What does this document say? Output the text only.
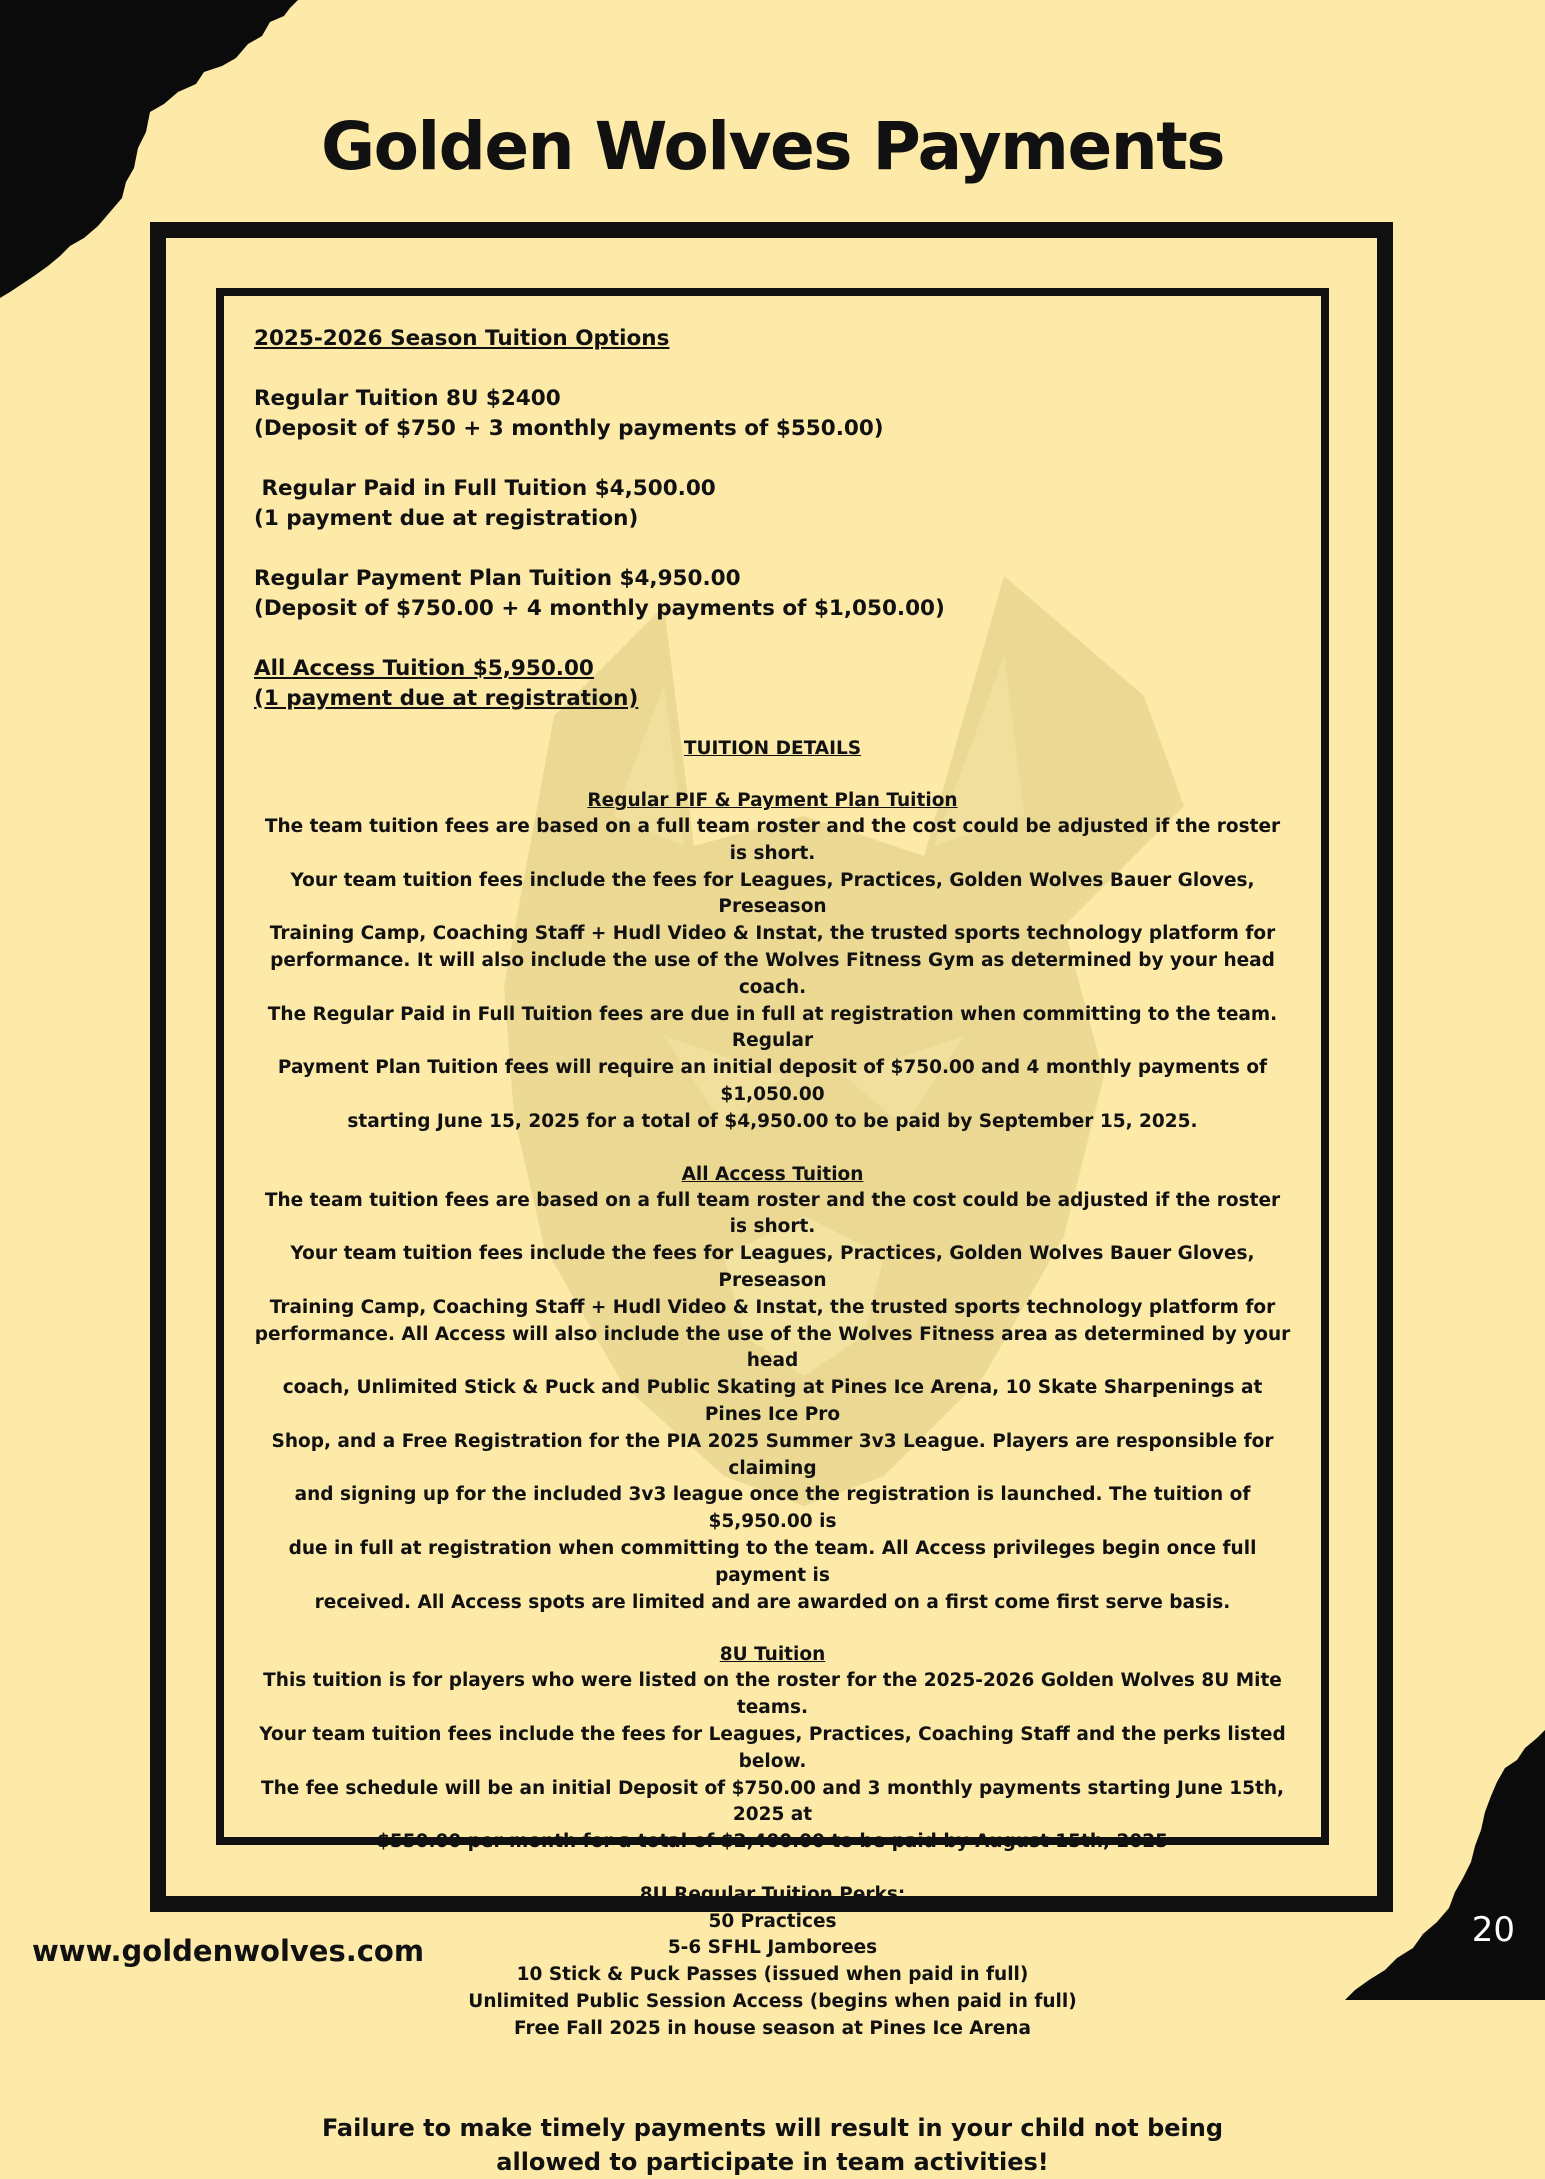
Golden Wolves Payments
2025-2026 Season Tuition Options
Regular Tuition 8U $2400
(Deposit of $750 + 3 monthly payments of $550.00)
Regular Paid in Full Tuition $4,500.00
(1 payment due at registration)
Regular Payment Plan Tuition $4,950.00
(Deposit of $750.00 + 4 monthly payments of $1,050.00)
All Access Tuition $5,950.00
(1 payment due at registration)
TUITION DETAILS
Regular PIF & Payment Plan Tuition
The team tuition fees are based on a full team roster and the cost could be adjusted if the roster is short.
Your team tuition fees include the fees for Leagues, Practices, Golden Wolves Bauer Gloves, Preseason
Training Camp, Coaching Staff + Hudl Video & Instat, the trusted sports technology platform for
performance. It will also include the use of the Wolves Fitness Gym as determined by your head coach.
The Regular Paid in Full Tuition fees are due in full at registration when committing to the team. Regular
Payment Plan Tuition fees will require an initial deposit of $750.00 and 4 monthly payments of $1,050.00
starting June 15, 2025 for a total of $4,950.00 to be paid by September 15, 2025.
All Access Tuition
The team tuition fees are based on a full team roster and the cost could be adjusted if the roster is short.
Your team tuition fees include the fees for Leagues, Practices, Golden Wolves Bauer Gloves, Preseason
Training Camp, Coaching Staff + Hudl Video & Instat, the trusted sports technology platform for
performance. All Access will also include the use of the Wolves Fitness area as determined by your head
coach, Unlimited Stick & Puck and Public Skating at Pines Ice Arena, 10 Skate Sharpenings at Pines Ice Pro
Shop, and a Free Registration for the PIA 2025 Summer 3v3 League. Players are responsible for claiming
and signing up for the included 3v3 league once the registration is launched. The tuition of $5,950.00 is
due in full at registration when committing to the team. All Access privileges begin once full payment is
received. All Access spots are limited and are awarded on a first come first serve basis.
8U Tuition
This tuition is for players who were listed on the roster for the 2025-2026 Golden Wolves 8U Mite teams.
Your team tuition fees include the fees for Leagues, Practices, Coaching Staff and the perks listed below.
The fee schedule will be an initial Deposit of $750.00 and 3 monthly payments starting June 15th, 2025 at
$550.00 per month for a total of $2,400.00 to be paid by August 15th, 2025
8U Regular Tuition Perks:
50 Practices
5-6 SFHL Jamborees
10 Stick & Puck Passes (issued when paid in full)
Unlimited Public Session Access (begins when paid in full)
Free Fall 2025 in house season at Pines Ice Arena
Failure to make timely payments will result in your child not being
allowed to participate in team activities!
www.goldenwolves.com
20
